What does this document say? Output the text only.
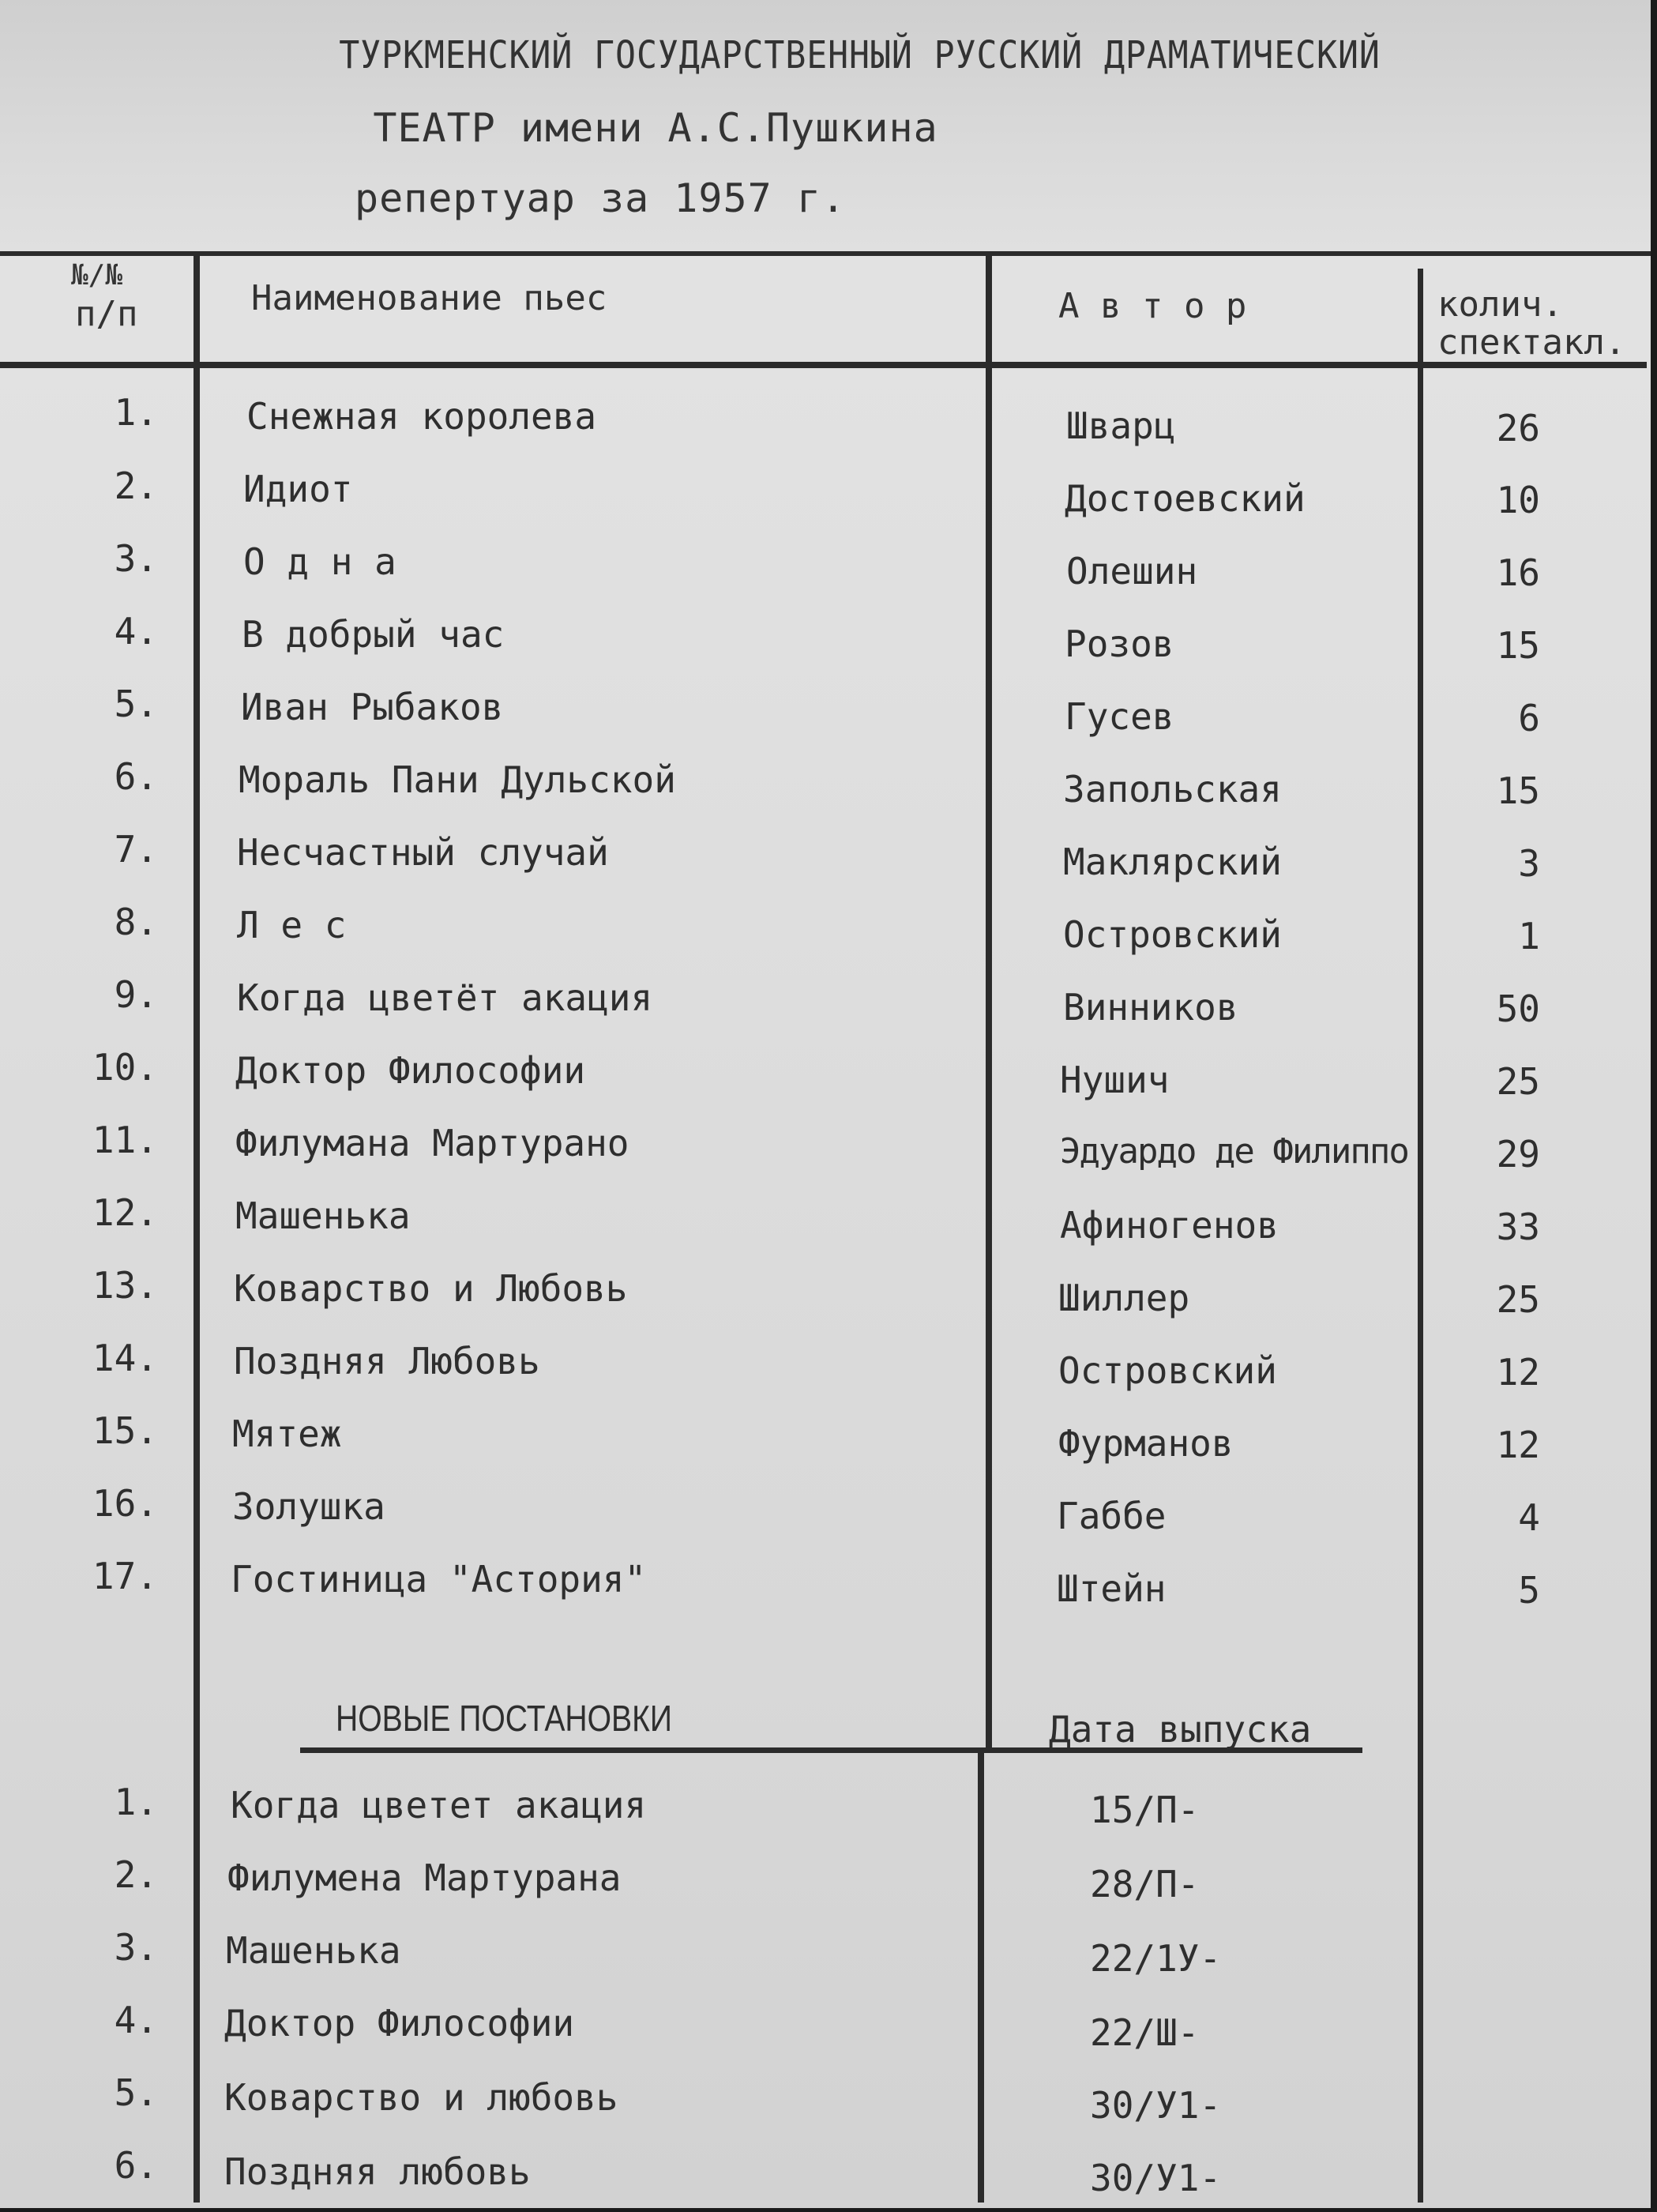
ТУРКМЕНСКИЙ ГОСУДАРСТВЕННЫЙ РУССКИЙ ДРАМАТИЧЕСКИЙ
ТЕАТР имени А.С.Пушкина
репертуар за 1957 г.
№/№
п/п	Наименование пьес	А в т о р	колич.
спектакл.
1. Снежная королева	Шварц	26
2. Идиот	Достоевский	10
3. О д н а	Олешин	16
4. В добрый час	Розов	15
5. Иван Рыбаков	Гусев	6
6. Мораль Пани Дульской	Запольская	15
7. Несчастный случай	Маклярский	3
8. Л е с	Островский	1
9. Когда цветёт акация	Винников	50
10. Доктор Философии	Нушич	25
11. Филумана Мартурано	Эдуардо де Филиппо	29
12. Машенька	Афиногенов	33
13. Коварство и Любовь	Шиллер	25
14. Поздняя Любовь	Островский	12
15. Мятеж	Фурманов	12
16. Золушка	Габбе	4
17. Гостиница "Астория"	Штейн	5
НОВЫЕ ПОСТАНОВКИ	Дата выпуска
1. Когда цветет акация	15/П-
2. Филумена Мартурана	28/П-
3. Машенька	22/1У-
4. Доктор Философии	22/Ш-
5. Коварство и любовь	30/У1-
6. Поздняя любовь	30/У1-
